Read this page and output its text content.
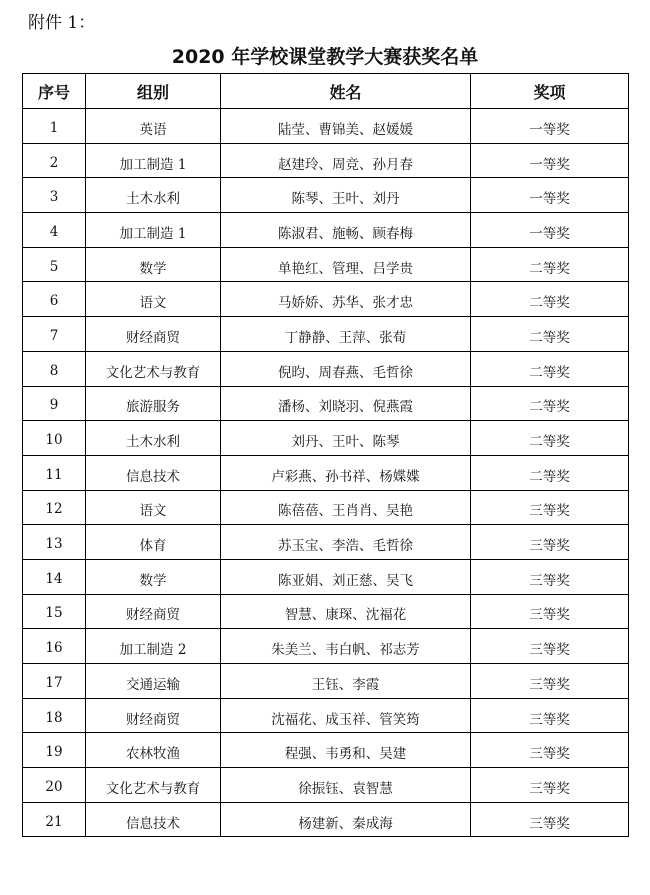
附件 1：
2020 年学校课堂教学大赛获奖名单
序号	组别	姓名	奖项
1	英语	陆莹、曹锦美、赵媛媛	一等奖
2	加工制造 1	赵建玲、周竞、孙月春	一等奖
3	土木水利	陈琴、王叶、刘丹	一等奖
4	加工制造 1	陈淑君、施畅、顾春梅	一等奖
5	数学	单艳红、管理、吕学贵	二等奖
6	语文	马娇娇、苏华、张才忠	二等奖
7	财经商贸	丁静静、王萍、张荀	二等奖
8	文化艺术与教育	倪昀、周春燕、毛哲徐	二等奖
9	旅游服务	潘杨、刘晓羽、倪燕霞	二等奖
10	土木水利	刘丹、王叶、陈琴	二等奖
11	信息技术	卢彩燕、孙书祥、杨媟媟	二等奖
12	语文	陈蓓蓓、王肖肖、吴艳	三等奖
13	体育	苏玉宝、李浩、毛哲徐	三等奖
14	数学	陈亚娟、刘正慈、吴飞	三等奖
15	财经商贸	智慧、康琛、沈福花	三等奖
16	加工制造 2	朱美兰、韦白帆、祁志芳	三等奖
17	交通运输	王钰、李霞	三等奖
18	财经商贸	沈福花、成玉祥、管笑筠	三等奖
19	农林牧渔	程强、韦勇和、吴建	三等奖
20	文化艺术与教育	徐振钰、袁智慧	三等奖
21	信息技术	杨建新、秦成海	三等奖
